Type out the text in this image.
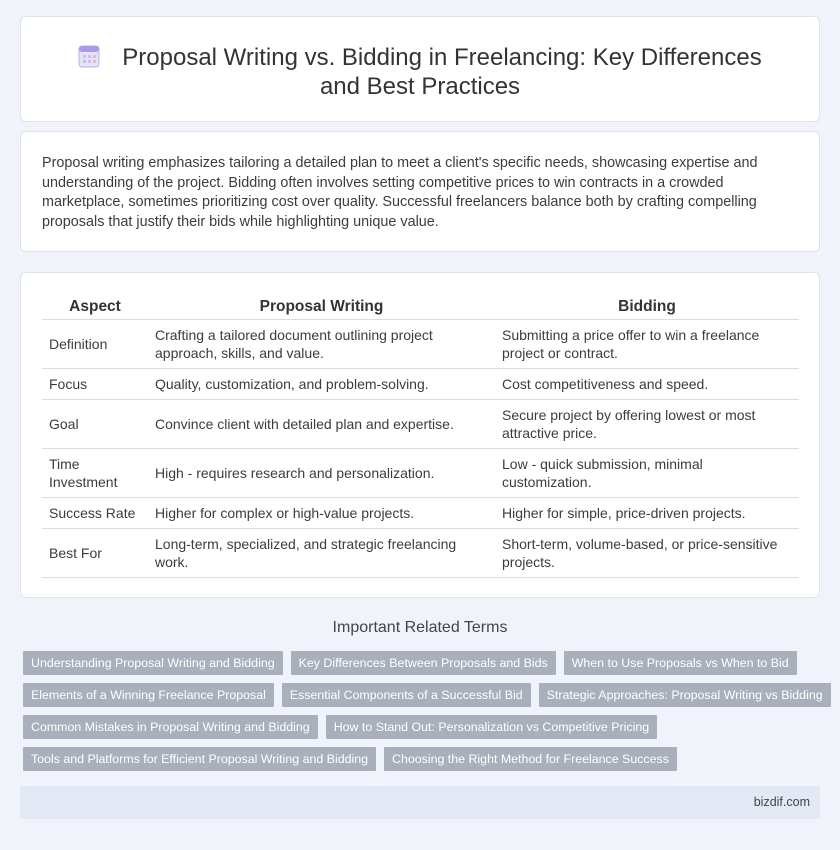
Proposal Writing vs. Bidding in Freelancing: Key Differences and Best Practices

Proposal writing emphasizes tailoring a detailed plan to meet a client's specific needs, showcasing expertise and understanding of the project. Bidding often involves setting competitive prices to win contracts in a crowded marketplace, sometimes prioritizing cost over quality. Successful freelancers balance both by crafting compelling proposals that justify their bids while highlighting unique value.

Aspect	Proposal Writing	Bidding
Definition	Crafting a tailored document outlining project approach, skills, and value.	Submitting a price offer to win a freelance project or contract.
Focus	Quality, customization, and problem-solving.	Cost competitiveness and speed.
Goal	Convince client with detailed plan and expertise.	Secure project by offering lowest or most attractive price.
Time Investment	High - requires research and personalization.	Low - quick submission, minimal customization.
Success Rate	Higher for complex or high-value projects.	Higher for simple, price-driven projects.
Best For	Long-term, specialized, and strategic freelancing work.	Short-term, volume-based, or price-sensitive projects.
Important Related Terms
Understanding Proposal Writing and Bidding	Key Differences Between Proposals and Bids	When to Use Proposals vs When to Bid
Elements of a Winning Freelance Proposal	Essential Components of a Successful Bid	Strategic Approaches: Proposal Writing vs Bidding
Common Mistakes in Proposal Writing and Bidding	How to Stand Out: Personalization vs Competitive Pricing
Tools and Platforms for Efficient Proposal Writing and Bidding	Choosing the Right Method for Freelance Success
bizdif.com
